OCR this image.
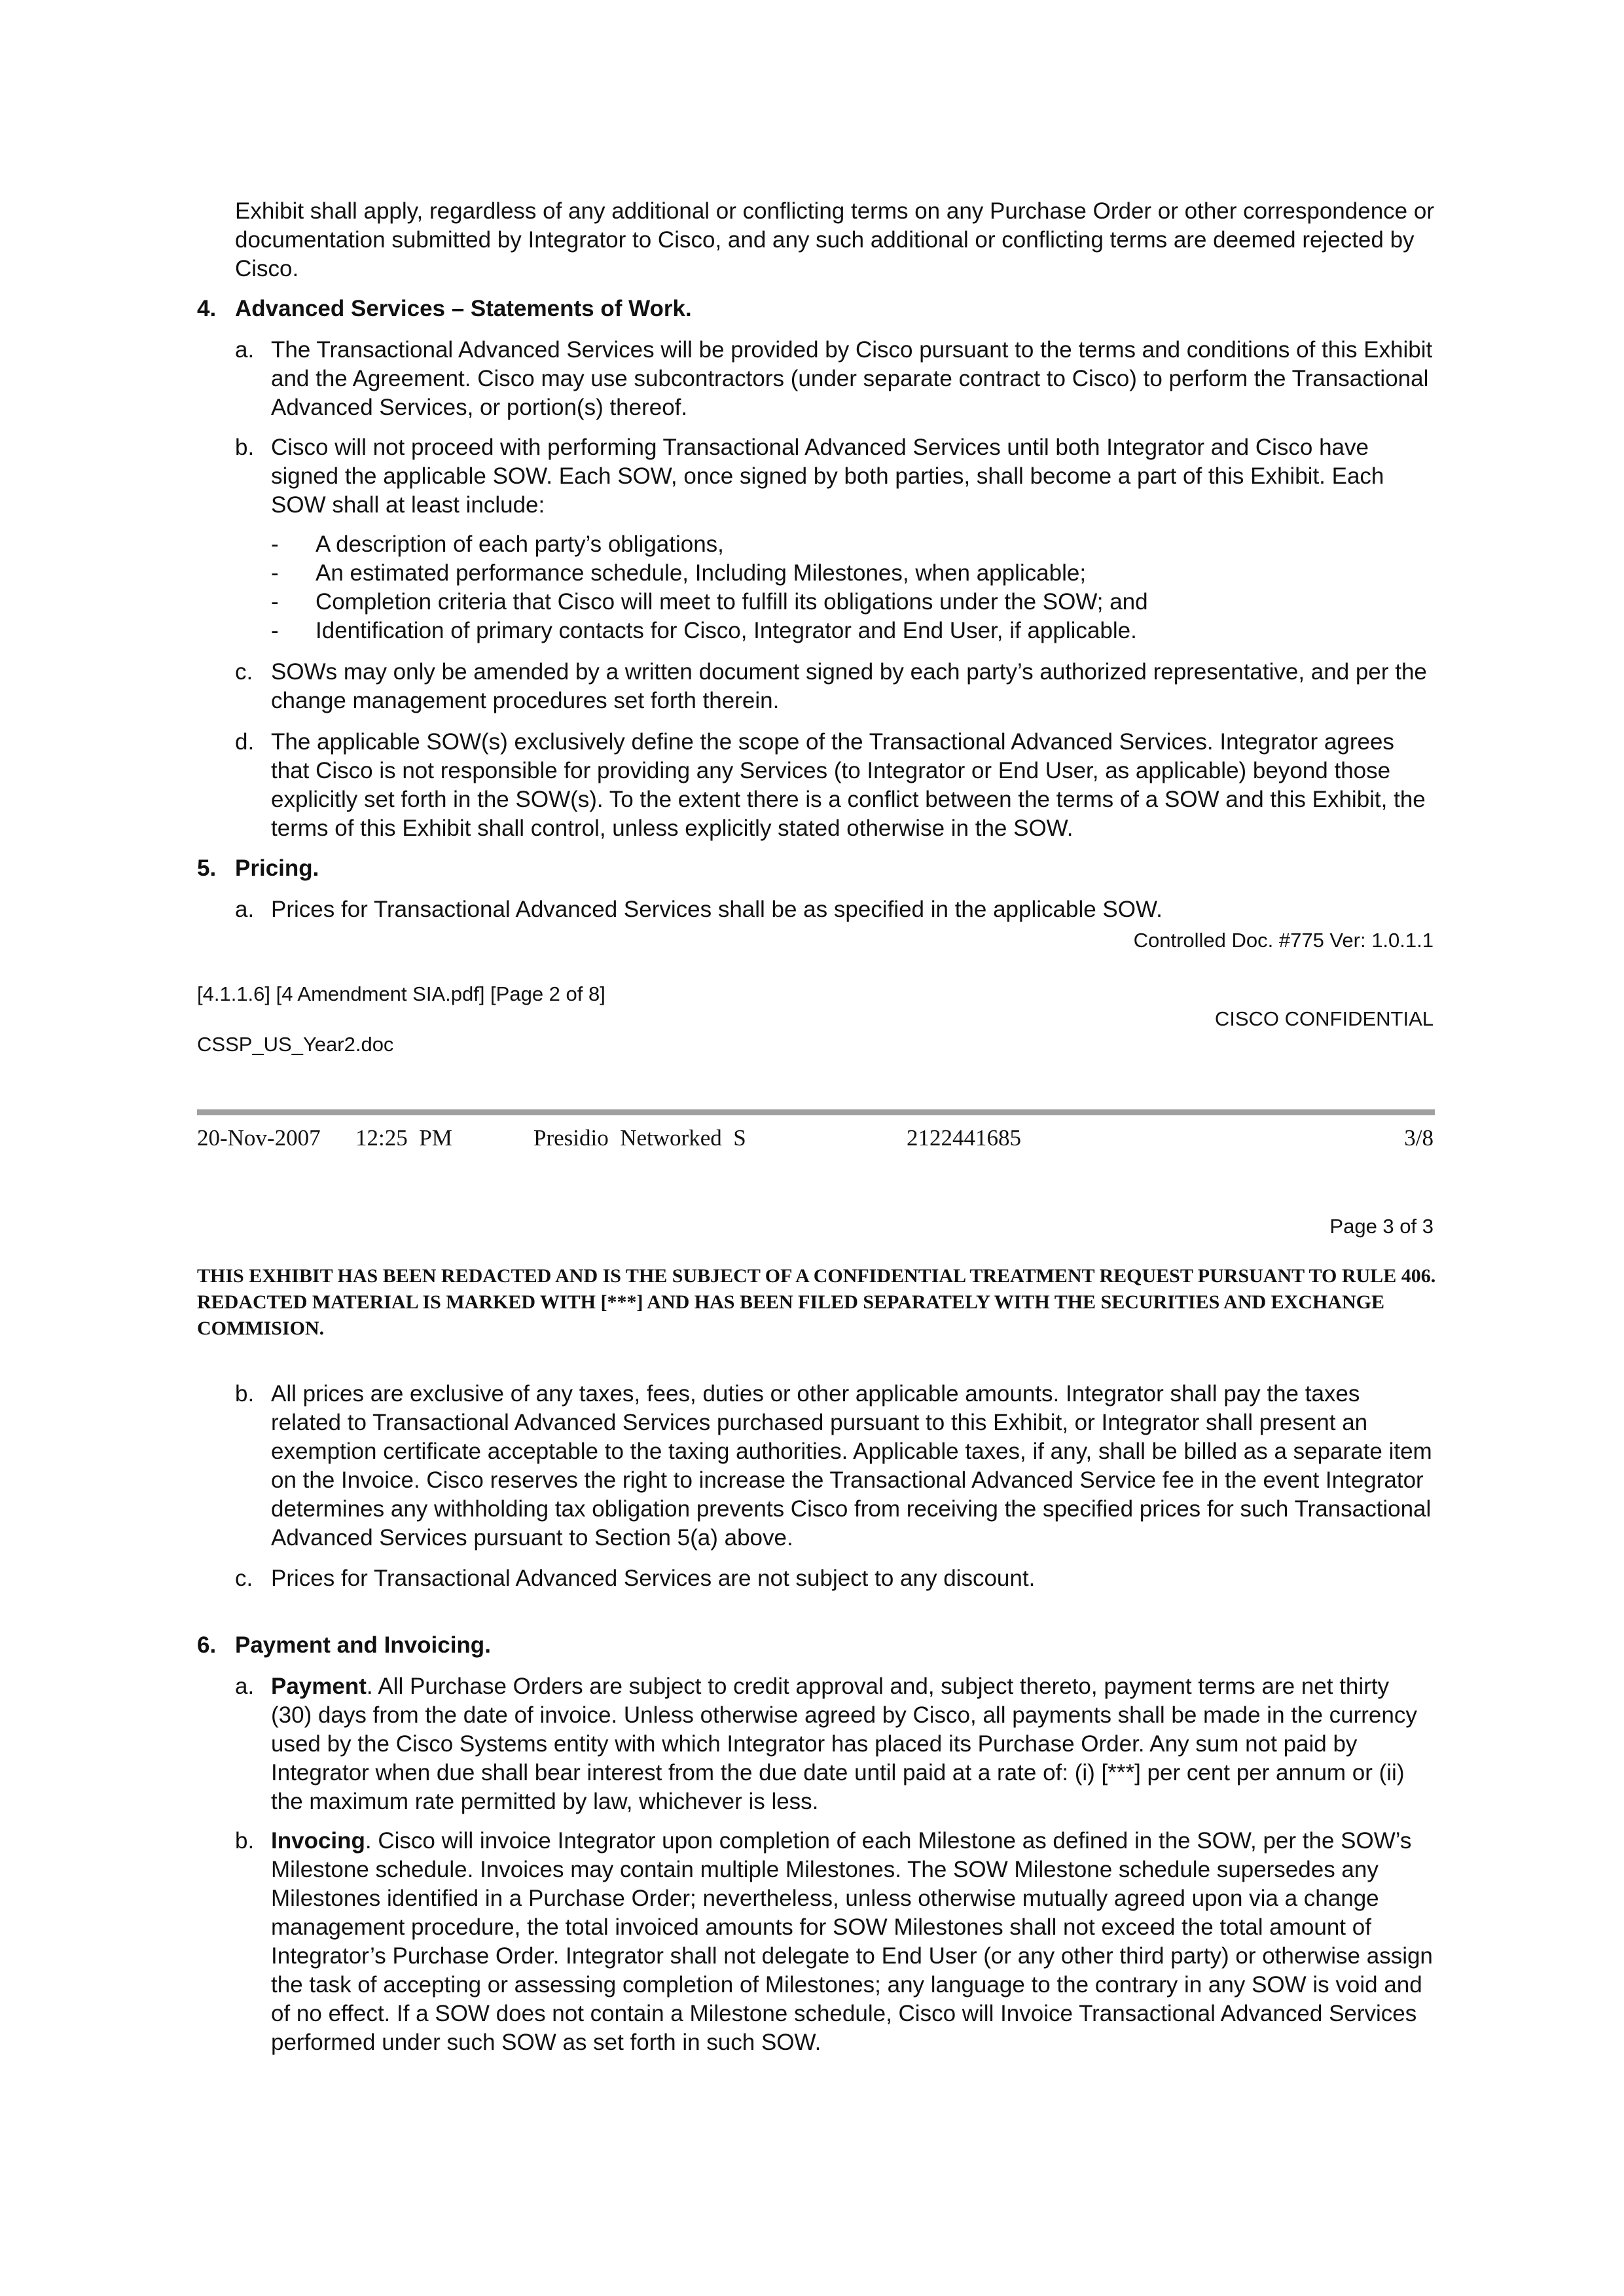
Exhibit shall apply, regardless of any additional or conflicting terms on any Purchase Order or other correspondence or documentation submitted by Integrator to Cisco, and any such additional or conflicting terms are deemed rejected by Cisco.
4. Advanced Services – Statements of Work.
a. The Transactional Advanced Services will be provided by Cisco pursuant to the terms and conditions of this Exhibit and the Agreement. Cisco may use subcontractors (under separate contract to Cisco) to perform the Transactional Advanced Services, or portion(s) thereof.
b. Cisco will not proceed with performing Transactional Advanced Services until both Integrator and Cisco have signed the applicable SOW. Each SOW, once signed by both parties, shall become a part of this Exhibit. Each SOW shall at least include:
- A description of each party’s obligations,
- An estimated performance schedule, Including Milestones, when applicable;
- Completion criteria that Cisco will meet to fulfill its obligations under the SOW; and
- Identification of primary contacts for Cisco, Integrator and End User, if applicable.
c. SOWs may only be amended by a written document signed by each party’s authorized representative, and per the change management procedures set forth therein.
d. The applicable SOW(s) exclusively define the scope of the Transactional Advanced Services. Integrator agrees that Cisco is not responsible for providing any Services (to Integrator or End User, as applicable) beyond those explicitly set forth in the SOW(s). To the extent there is a conflict between the terms of a SOW and this Exhibit, the terms of this Exhibit shall control, unless explicitly stated otherwise in the SOW.
5. Pricing.
a. Prices for Transactional Advanced Services shall be as specified in the applicable SOW.
Controlled Doc. #775 Ver: 1.0.1.1
[4.1.1.6] [4 Amendment SIA.pdf] [Page 2 of 8]
CISCO CONFIDENTIAL
CSSP_US_Year2.doc
20-Nov-2007 12:25  PM	Presidio  Networked  S	2122441685	3/8
Page 3 of 3
THIS EXHIBIT HAS BEEN REDACTED AND IS THE SUBJECT OF A CONFIDENTIAL TREATMENT REQUEST PURSUANT TO RULE 406. REDACTED MATERIAL IS MARKED WITH [***] AND HAS BEEN FILED SEPARATELY WITH THE SECURITIES AND EXCHANGE COMMISION.
b. All prices are exclusive of any taxes, fees, duties or other applicable amounts. Integrator shall pay the taxes related to Transactional Advanced Services purchased pursuant to this Exhibit, or Integrator shall present an exemption certificate acceptable to the taxing authorities. Applicable taxes, if any, shall be billed as a separate item on the Invoice. Cisco reserves the right to increase the Transactional Advanced Service fee in the event Integrator determines any withholding tax obligation prevents Cisco from receiving the specified prices for such Transactional Advanced Services pursuant to Section 5(a) above.
c. Prices for Transactional Advanced Services are not subject to any discount.
6. Payment and Invoicing.
a. Payment. All Purchase Orders are subject to credit approval and, subject thereto, payment terms are net thirty (30) days from the date of invoice. Unless otherwise agreed by Cisco, all payments shall be made in the currency used by the Cisco Systems entity with which Integrator has placed its Purchase Order. Any sum not paid by Integrator when due shall bear interest from the due date until paid at a rate of: (i) [***] per cent per annum or (ii) the maximum rate permitted by law, whichever is less.
b. Invocing. Cisco will invoice Integrator upon completion of each Milestone as defined in the SOW, per the SOW’s Milestone schedule. Invoices may contain multiple Milestones. The SOW Milestone schedule supersedes any Milestones identified in a Purchase Order; nevertheless, unless otherwise mutually agreed upon via a change management procedure, the total invoiced amounts for SOW Milestones shall not exceed the total amount of Integrator’s Purchase Order. Integrator shall not delegate to End User (or any other third party) or otherwise assign the task of accepting or assessing completion of Milestones; any language to the contrary in any SOW is void and of no effect. If a SOW does not contain a Milestone schedule, Cisco will Invoice Transactional Advanced Services performed under such SOW as set forth in such SOW.
